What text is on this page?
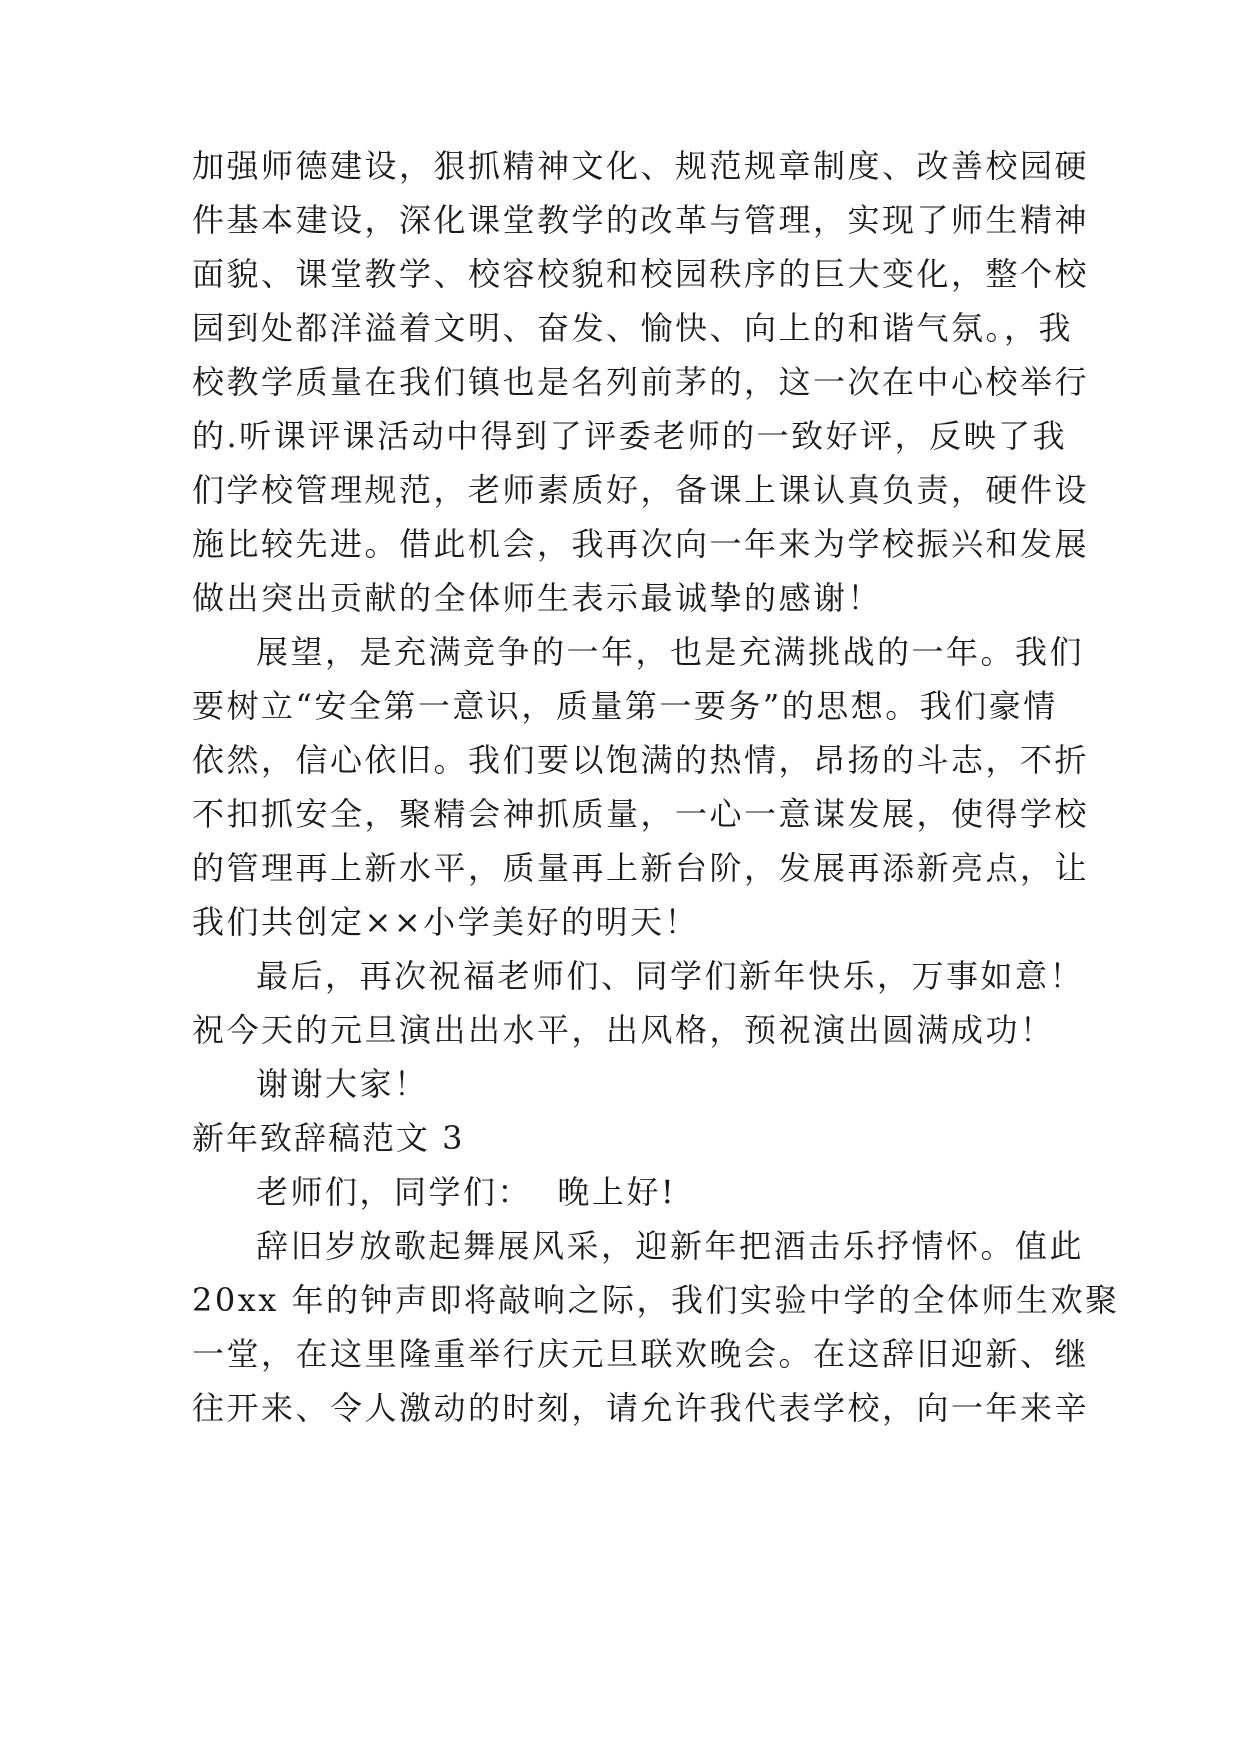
加强师德建设，狠抓精神文化、规范规章制度、改善校园硬
件基本建设，深化课堂教学的改革与管理，实现了师生精神
面貌、课堂教学、校容校貌和校园秩序的巨大变化，整个校
园到处都洋溢着文明、奋发、愉快、向上的和谐气氛。，我
校教学质量在我们镇也是名列前茅的，这一次在中心校举行
的.听课评课活动中得到了评委老师的一致好评，反映了我
们学校管理规范，老师素质好，备课上课认真负责，硬件设
施比较先进。借此机会，我再次向一年来为学校振兴和发展
做出突出贡献的全体师生表示最诚挚的感谢！
展望，是充满竞争的一年，也是充满挑战的一年。我们
要树立“安全第一意识，质量第一要务”的思想。我们豪情
依然，信心依旧。我们要以饱满的热情，昂扬的斗志，不折
不扣抓安全，聚精会神抓质量，一心一意谋发展，使得学校
的管理再上新水平，质量再上新台阶，发展再添新亮点，让
我们共创定××小学美好的明天！
最后，再次祝福老师们、同学们新年快乐，万事如意！
祝今天的元旦演出出水平，出风格，预祝演出圆满成功！
谢谢大家！
新年致辞稿范文 3
老师们，同学们：  晚上好!
辞旧岁放歌起舞展风采，迎新年把酒击乐抒情怀。值此
20xx 年的钟声即将敲响之际，我们实验中学的全体师生欢聚
一堂，在这里隆重举行庆元旦联欢晚会。在这辞旧迎新、继
往开来、令人激动的时刻，请允许我代表学校，向一年来辛
